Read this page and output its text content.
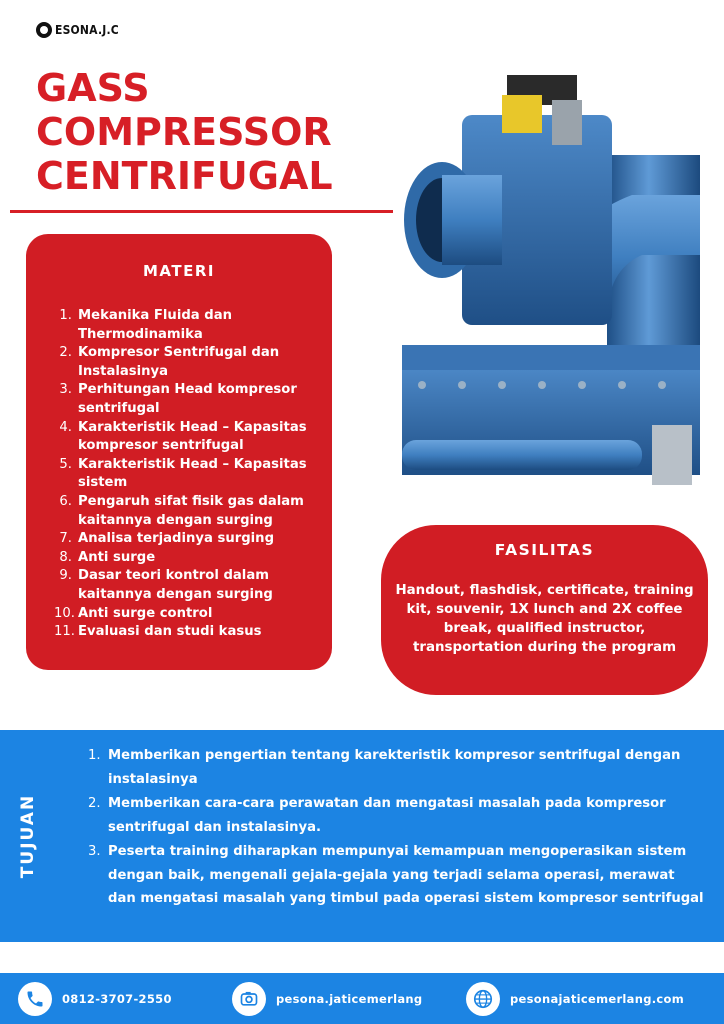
ESONA.J.C
GASS
COMPRESSOR
CENTRIFUGAL
MATERI
1. Mekanika Fluida dan Thermodinamika
2. Kompresor Sentrifugal dan Instalasinya
3. Perhitungan Head kompresor sentrifugal
4. Karakteristik Head – Kapasitas kompresor sentrifugal
5. Karakteristik Head – Kapasitas sistem
6. Pengaruh sifat fisik gas dalam kaitannya dengan surging
7. Analisa terjadinya surging
8. Anti surge
9. Dasar teori kontrol dalam kaitannya dengan surging
10. Anti surge control
11. Evaluasi dan studi kasus
FASILITAS

Handout, flashdisk, certificate, training kit, souvenir, 1X lunch and 2X coffee break, qualified instructor, transportation during the program

TUJUAN
1. Memberikan pengertian tentang karekteristik kompresor sentrifugal dengan instalasinya
2. Memberikan cara-cara perawatan dan mengatasi masalah pada kompresor sentrifugal dan instalasinya.
3. Peserta training diharapkan mempunyai kemampuan mengoperasikan sistem dengan baik, mengenali gejala-gejala yang terjadi selama operasi, merawat dan mengatasi masalah yang timbul pada operasi sistem kompresor sentrifugal
0812-3707-2550	pesona.jaticemerlang	pesonajaticemerlang.com
